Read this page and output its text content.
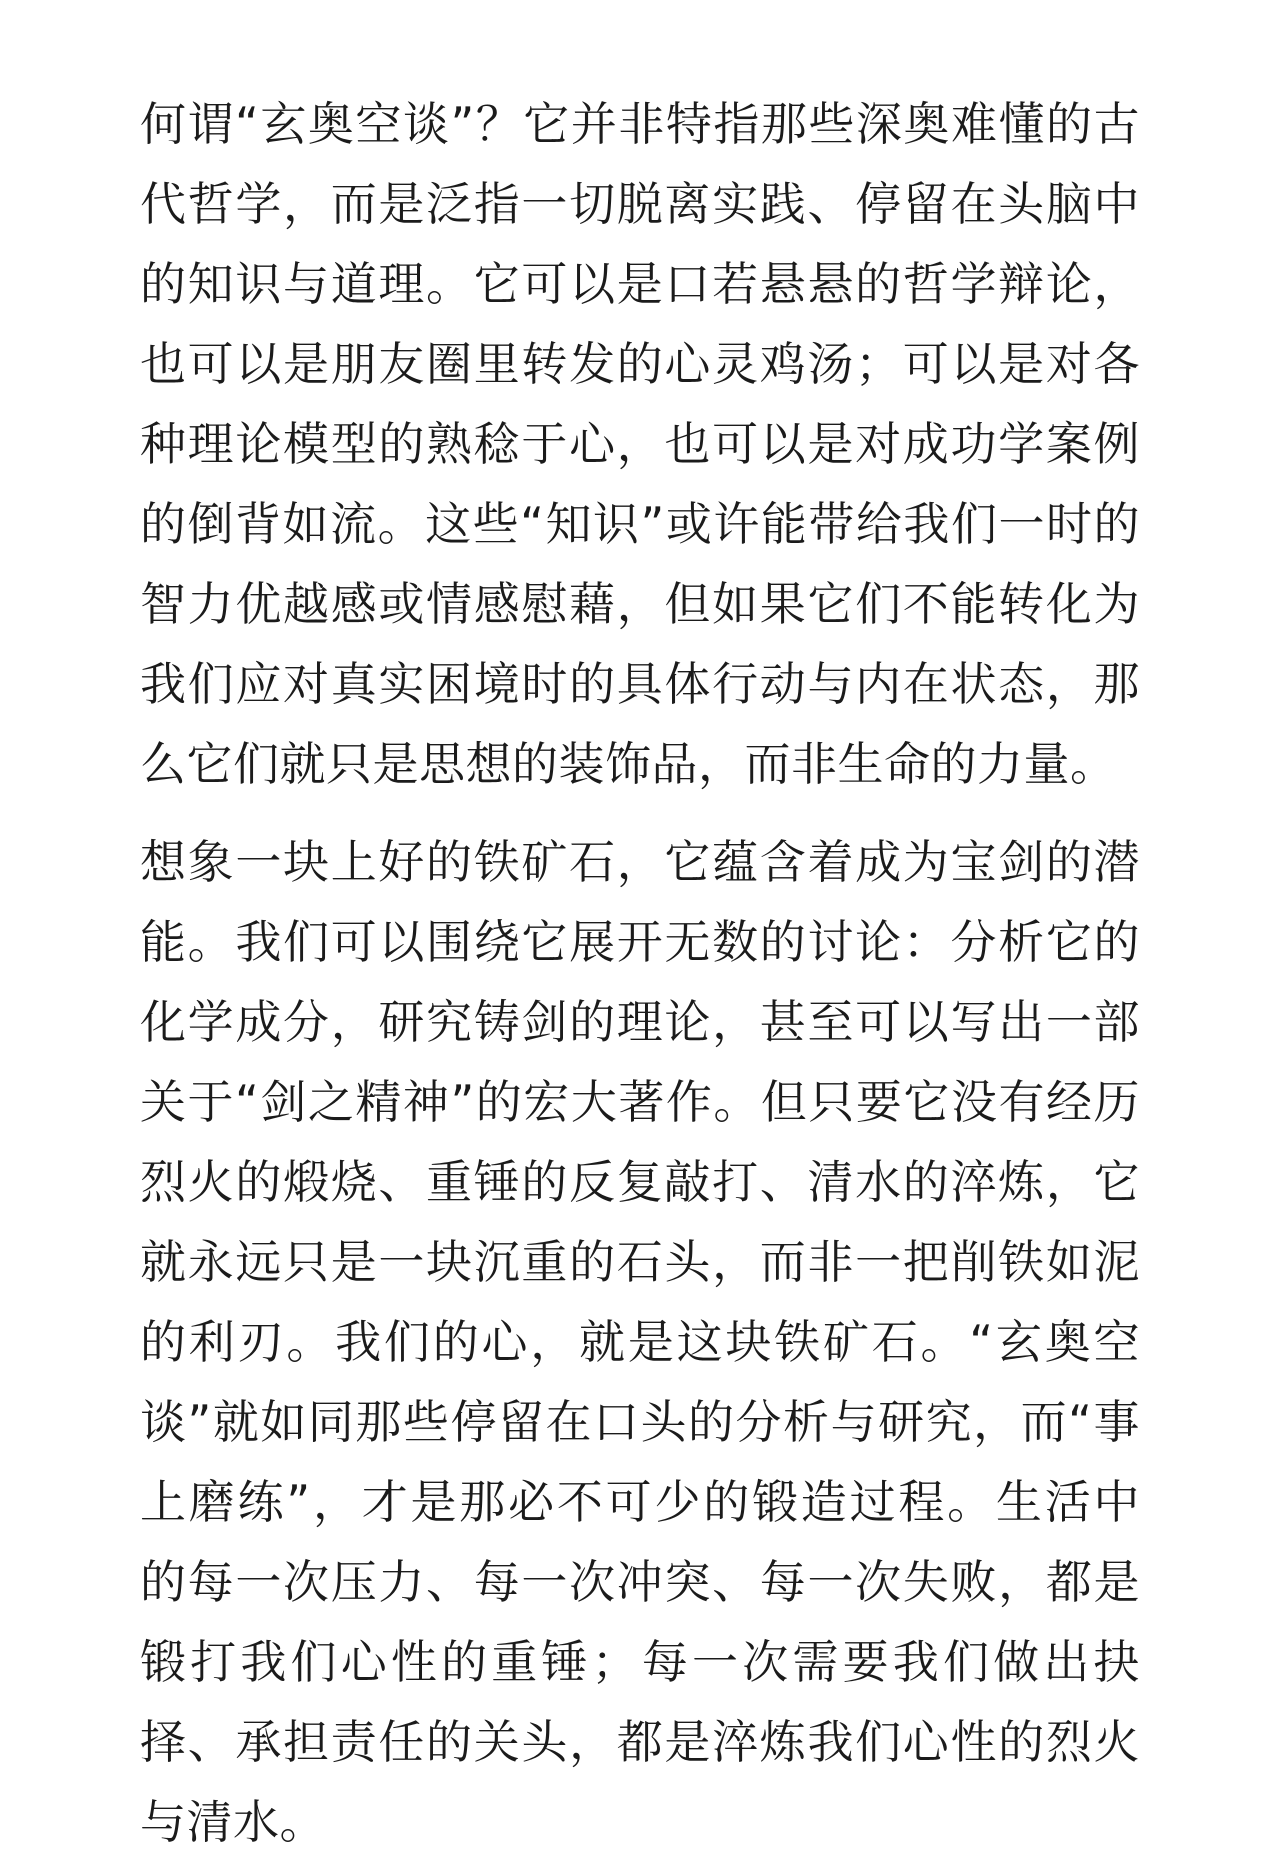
何谓“玄奥空谈”？它并非特指那些深奥难懂的古代哲学，而是泛指一切脱离实践、停留在头脑中的知识与道理。它可以是口若悬悬的哲学辩论，也可以是朋友圈里转发的心灵鸡汤；可以是对各种理论模型的熟稔于心，也可以是对成功学案例的倒背如流。这些“知识”或许能带给我们一时的智力优越感或情感慰藉，但如果它们不能转化为我们应对真实困境时的具体行动与内在状态，那么它们就只是思想的装饰品，而非生命的力量。

想象一块上好的铁矿石，它蕴含着成为宝剑的潜能。我们可以围绕它展开无数的讨论：分析它的化学成分，研究铸剑的理论，甚至可以写出一部关于“剑之精神”的宏大著作。但只要它没有经历烈火的煅烧、重锤的反复敲打、清水的淬炼，它就永远只是一块沉重的石头，而非一把削铁如泥的利刃。我们的心，就是这块铁矿石。“玄奥空谈”就如同那些停留在口头的分析与研究，而“事上磨练”，才是那必不可少的锻造过程。生活中的每一次压力、每一次冲突、每一次失败，都是锻打我们心性的重锤；每一次需要我们做出抉择、承担责任的关头，都是淬炼我们心性的烈火与清水。
